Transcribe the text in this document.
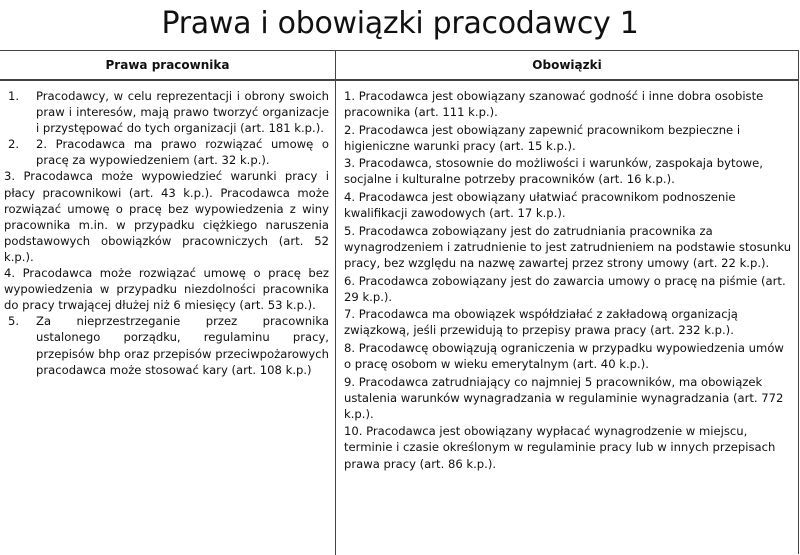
Prawa i obowiązki pracodawcy 1
Prawa pracownika	Obowiązki
1. Pracodawcy, w celu reprezentacji i obrony swoich praw i interesów, mają prawo tworzyć organizacje i przystępować do tych organizacji (art. 181 k.p.).
2. 2. Pracodawca ma prawo rozwiązać umowę o pracę za wypowiedzeniem (art. 32 k.p.).
3. Pracodawca może wypowiedzieć warunki pracy i płacy pracownikowi (art. 43 k.p.). Pracodawca może rozwiązać umowę o pracę bez wypowiedzenia z winy pracownika m.in. w przypadku ciężkiego naruszenia podstawowych obowiązków pracowniczych (art. 52 k.p.).
4. Pracodawca może rozwiązać umowę o pracę bez wypowiedzenia w przypadku niezdolności pracownika do pracy trwającej dłużej niż 6 miesięcy (art. 53 k.p.).
5. Za nieprzestrzeganie przez pracownika ustalonego porządku, regulaminu pracy, przepisów bhp oraz przepisów przeciwpożarowych pracodawca może stosować kary (art. 108 k.p.)
1. Pracodawca jest obowiązany szanować godność i inne dobra osobiste pracownika (art. 111 k.p.).
2. Pracodawca jest obowiązany zapewnić pracownikom bezpieczne i higieniczne warunki pracy (art. 15 k.p.).
3. Pracodawca, stosownie do możliwości i warunków, zaspokaja bytowe, socjalne i kulturalne potrzeby pracowników (art. 16 k.p.).
4. Pracodawca jest obowiązany ułatwiać pracownikom podnoszenie kwalifikacji zawodowych (art. 17 k.p.).
5. Pracodawca zobowiązany jest do zatrudniania pracownika za wynagrodzeniem i zatrudnienie to jest zatrudnieniem na podstawie stosunku pracy, bez względu na nazwę zawartej przez strony umowy (art. 22 k.p.).
6. Pracodawca zobowiązany jest do zawarcia umowy o pracę na piśmie (art. 29 k.p.).
7. Pracodawca ma obowiązek współdziałać z zakładową organizacją związkową, jeśli przewidują to przepisy prawa pracy (art. 232 k.p.).
8. Pracodawcę obowiązują ograniczenia w przypadku wypowiedzenia umów o pracę osobom w wieku emerytalnym (art. 40 k.p.).
9. Pracodawca zatrudniający co najmniej 5 pracowników, ma obowiązek ustalenia warunków wynagradzania w regulaminie wynagradzania (art. 772 k.p.).
10. Pracodawca jest obowiązany wypłacać wynagrodzenie w miejscu, terminie i czasie określonym w regulaminie pracy lub w innych przepisach prawa pracy (art. 86 k.p.).
